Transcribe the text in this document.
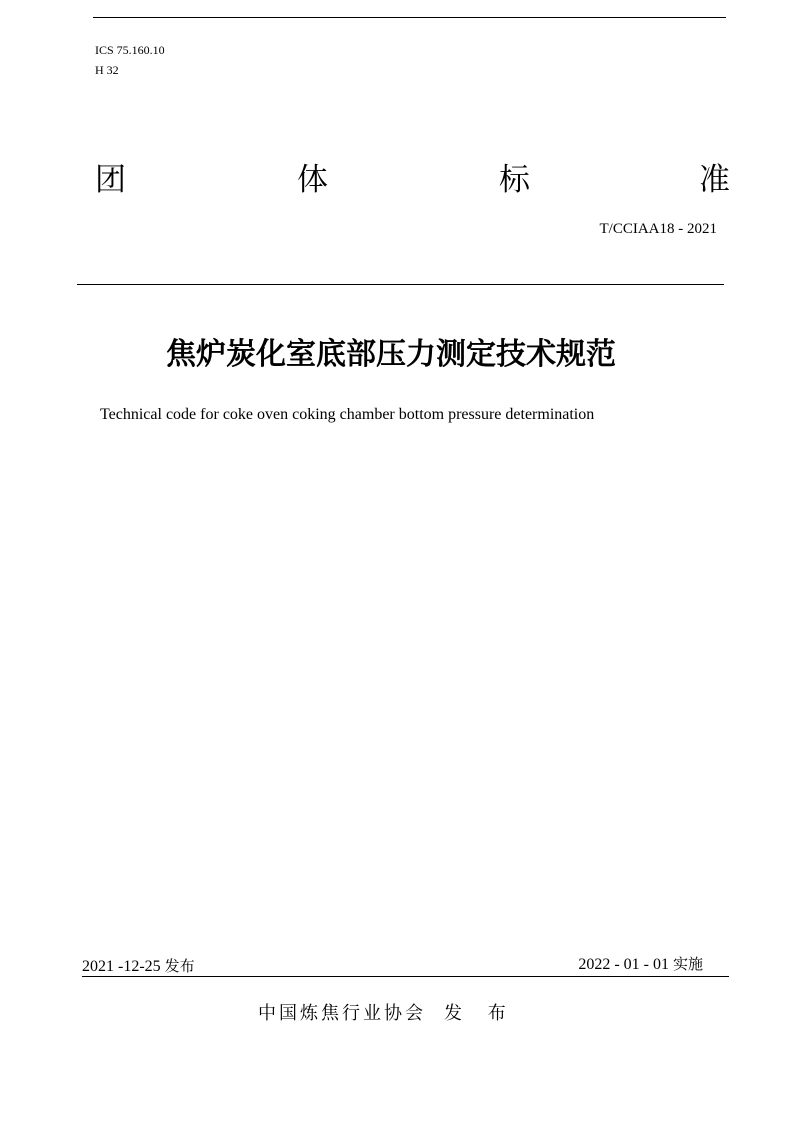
ICS 75.160.10
H 32
团	体	标	准
T/CCIAA18 - 2021
焦炉炭化室底部压力测定技术规范
Technical code for coke oven coking chamber bottom pressure determination
2021 -12-25 发布	2022 - 01 - 01 实施
中国炼焦行业协会 发 布
